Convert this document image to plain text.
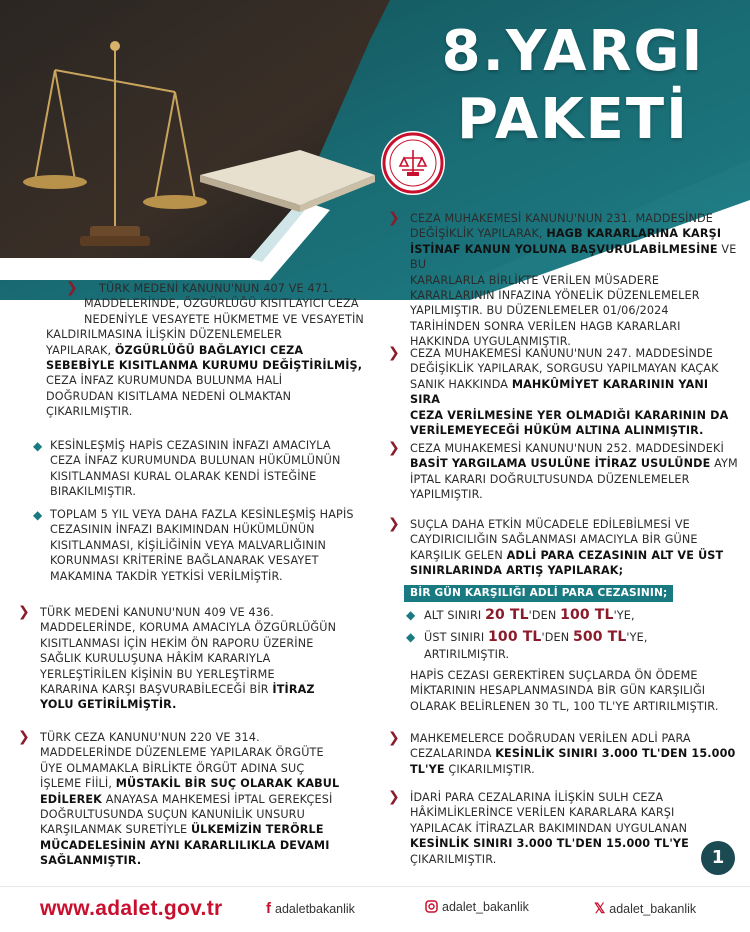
8.YARGI
PAKETİ
❯	TÜRK MEDENİ KANUNU'NUN 407 VE 471.
MADDELERİNDE, ÖZGÜRLÜĞÜ KISITLAYICI CEZA
NEDENİYLE VESAYETE HÜKMETME VE VESAYETİN
KALDIRILMASINA İLİŞKİN DÜZENLEMELER
YAPILARAK, ÖZGÜRLÜĞÜ BAĞLAYICI CEZA
SEBEBİYLE KISITLANMA KURUMU DEĞİŞTİRİLMİŞ,
CEZA İNFAZ KURUMUNDA BULUNMA HALİ
DOĞRUDAN KISITLAMA NEDENİ OLMAKTAN
ÇIKARILMIŞTIR.
◆ KESİNLEŞMİŞ HAPİS CEZASININ İNFAZI AMACIYLA
CEZA İNFAZ KURUMUNDA BULUNAN HÜKÜMLÜNÜN
KISITLANMASI KURAL OLARAK KENDİ İSTEĞİNE
BIRAKILMIŞTIR.
◆ TOPLAM 5 YIL VEYA DAHA FAZLA KESİNLEŞMİŞ HAPİS
CEZASININ İNFAZI BAKIMINDAN HÜKÜMLÜNÜN
KISITLANMASI, KİŞİLİĞİNİN VEYA MALVARLIĞININ
KORUNMASI KRİTERİNE BAĞLANARAK VESAYET
MAKAMINA TAKDİR YETKİSİ VERİLMİŞTİR.
❯ TÜRK MEDENİ KANUNU'NUN 409 VE 436.
MADDELERİNDE, KORUMA AMACIYLA ÖZGÜRLÜĞÜN
KISITLANMASI İÇİN HEKİM ÖN RAPORU ÜZERİNE
SAĞLIK KURULUŞUNA HÂKİM KARARIYLA
YERLEŞTİRİLEN KİŞİNİN BU YERLEŞTİRME
KARARINA KARŞI BAŞVURABİLECEĞİ BİR İTİRAZ
YOLU GETİRİLMİŞTİR.
❯ TÜRK CEZA KANUNU'NUN 220 VE 314.
MADDELERİNDE DÜZENLEME YAPILARAK ÖRGÜTE
ÜYE OLMAMAKLA BİRLİKTE ÖRGÜT ADINA SUÇ
İŞLEME FİİLİ, MÜSTAKİL BİR SUÇ OLARAK KABUL
EDİLEREK ANAYASA MAHKEMESİ İPTAL GEREKÇESİ
DOĞRULTUSUNDA SUÇUN KANUNİLİK UNSURU
KARŞILANMAK SURETİYLE ÜLKEMİZİN TERÖRLE
MÜCADELESİNİN AYNI KARARLILIKLA DEVAMI
SAĞLANMIŞTIR.
❯ CEZA MUHAKEMESİ KANUNU'NUN 231. MADDESİNDE
DEĞİŞİKLİK YAPILARAK, HAGB KARARLARINA KARŞI
İSTİNAF KANUN YOLUNA BAŞVURULABİLMESİNE VE BU
KARARLARLA BİRLİKTE VERİLEN MÜSADERE
KARARLARININ İNFAZINA YÖNELİK DÜZENLEMELER
YAPILMIŞTIR. BU DÜZENLEMELER 01/06/2024
TARİHİNDEN SONRA VERİLEN HAGB KARARLARI
HAKKINDA UYGULANMIŞTIR.
❯ CEZA MUHAKEMESİ KANUNU'NUN 247. MADDESİNDE
DEĞİŞİKLİK YAPILARAK, SORGUSU YAPILMAYAN KAÇAK
SANIK HAKKINDA MAHKÛMİYET KARARININ YANI SIRA
CEZA VERİLMESİNE YER OLMADIĞI KARARININ DA
VERİLEMEYECEĞİ HÜKÜM ALTINA ALINMIŞTIR.
❯ CEZA MUHAKEMESİ KANUNU'NUN 252. MADDESİNDEKİ
BASİT YARGILAMA USULÜNE İTİRAZ USULÜNDE AYM
İPTAL KARARI DOĞRULTUSUNDA DÜZENLEMELER
YAPILMIŞTIR.
❯ SUÇLA DAHA ETKİN MÜCADELE EDİLEBİLMESİ VE
CAYDIRICILIĞIN SAĞLANMASI AMACIYLA BİR GÜNE
KARŞILIK GELEN ADLİ PARA CEZASININ ALT VE ÜST
SINIRLARINDA ARTIŞ YAPILARAK;
BİR GÜN KARŞILIĞI ADLİ PARA CEZASININ;
◆ ALT SINIRI 20 TL'DEN 100 TL'YE,
◆ ÜST SINIRI 100 TL'DEN 500 TL'YE,
ARTIRILMIŞTIR.
HAPİS CEZASI GEREKTİREN SUÇLARDA ÖN ÖDEME
MİKTARININ HESAPLANMASINDA BİR GÜN KARŞILIĞI
OLARAK BELİRLENEN 30 TL, 100 TL'YE ARTIRILMIŞTIR.
❯ MAHKEMELERCE DOĞRUDAN VERİLEN ADLİ PARA
CEZALARINDA KESİNLİK SINIRI 3.000 TL'DEN 15.000
TL'YE ÇIKARILMIŞTIR.
❯ İDARİ PARA CEZALARINA İLİŞKİN SULH CEZA
HÂKİMLİKLERİNCE VERİLEN KARARLARA KARŞI
YAPILACAK İTİRAZLAR BAKIMINDAN UYGULANAN
KESİNLİK SINIRI 3.000 TL'DEN 15.000 TL'YE
ÇIKARILMIŞTIR.	1
www.adalet.gov.tr	f adaletbakanlik	adalet_bakanlik	𝕏 adalet_bakanlik
